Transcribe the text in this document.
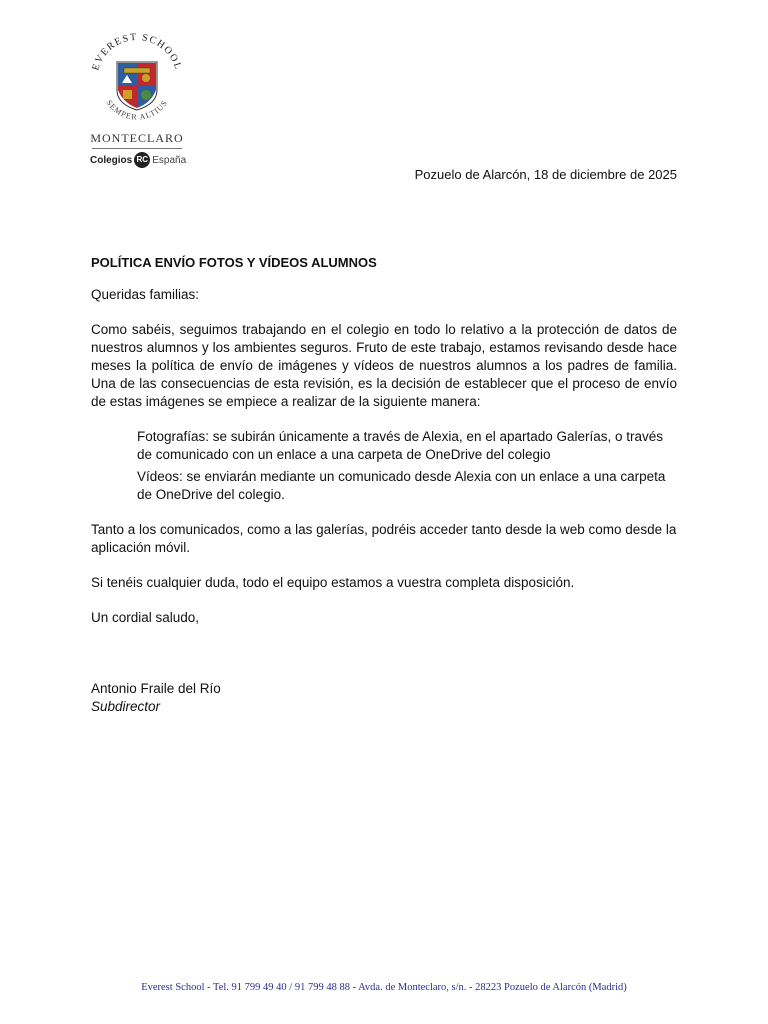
EVEREST SCHOOL
SEMPER ALTIUS
MONTECLARO
Colegios RC España
Pozuelo de Alarcón, 18 de diciembre de 2025

POLÍTICA ENVÍO FOTOS Y VÍDEOS ALUMNOS

Queridas familias:

Como sabéis, seguimos trabajando en el colegio en todo lo relativo a la protección de datos de nuestros alumnos y los ambientes seguros. Fruto de este trabajo, estamos revisando desde hace meses la política de envío de imágenes y vídeos de nuestros alumnos a los padres de familia. Una de las consecuencias de esta revisión, es la decisión de establecer que el proceso de envío de estas imágenes se empiece a realizar de la siguiente manera:

Fotografías: se subirán únicamente a través de Alexia, en el apartado Galerías, o través de comunicado con un enlace a una carpeta de OneDrive del colegio

Vídeos: se enviarán mediante un comunicado desde Alexia con un enlace a una carpeta de OneDrive del colegio.

Tanto a los comunicados, como a las galerías, podréis acceder tanto desde la web como desde la aplicación móvil.

Si tenéis cualquier duda, todo el equipo estamos a vuestra completa disposición.

Un cordial saludo,

Antonio Fraile del Río

Subdirector

Everest School - Tel. 91 799 49 40 / 91 799 48 88 - Avda. de Monteclaro, s/n. - 28223 Pozuelo de Alarcón (Madrid)
